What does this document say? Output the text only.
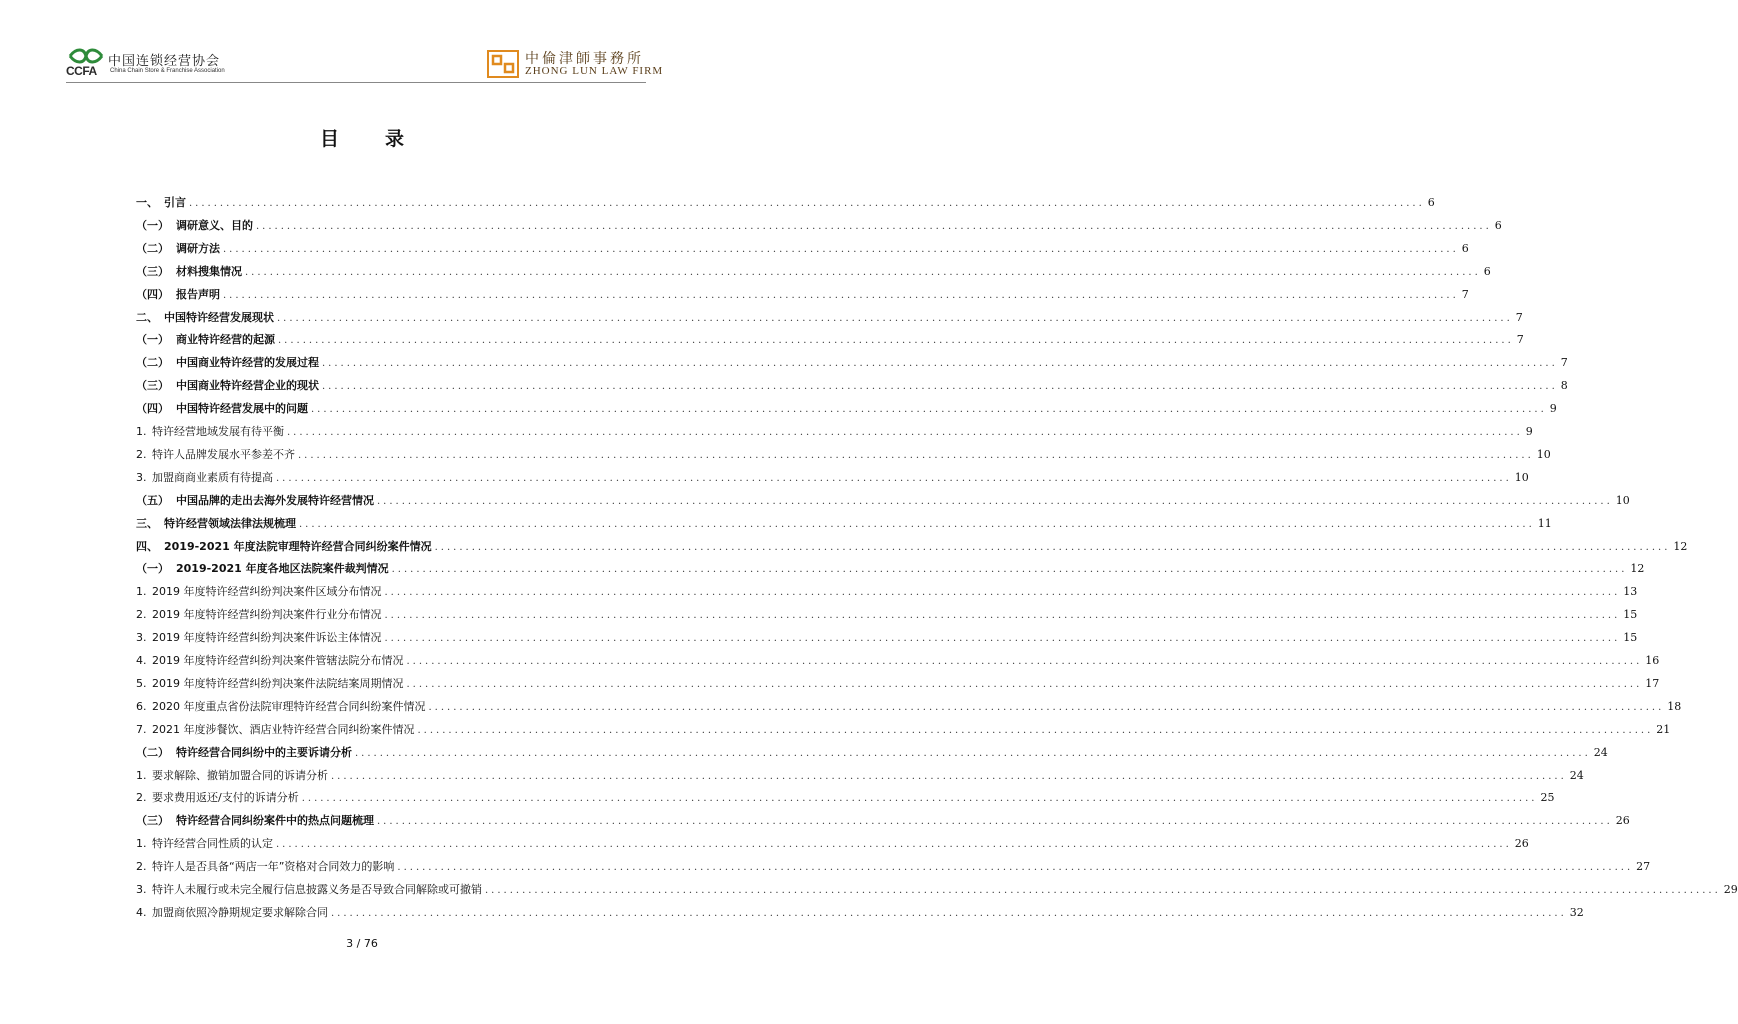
CCFA
中国连锁经营协会
China Chain Store & Franchise Association
中倫津師事務所
ZHONG LUN LAW FIRM
目录
一、 引言 ........................................................................................................................................................................................................ 6
（一） 调研意义、目的 ........................................................................................................................................................................................................ 6
（二） 调研方法 ........................................................................................................................................................................................................ 6
（三） 材料搜集情况 ........................................................................................................................................................................................................ 6
（四） 报告声明 ........................................................................................................................................................................................................ 7
二、 中国特许经营发展现状 ........................................................................................................................................................................................................ 7
（一） 商业特许经营的起源 ........................................................................................................................................................................................................ 7
（二） 中国商业特许经营的发展过程 ........................................................................................................................................................................................................ 7
（三） 中国商业特许经营企业的现状 ........................................................................................................................................................................................................ 8
（四） 中国特许经营发展中的问题 ........................................................................................................................................................................................................ 9
1. 特许经营地域发展有待平衡 ........................................................................................................................................................................................................ 9
2. 特许人品牌发展水平参差不齐 ........................................................................................................................................................................................................ 10
3. 加盟商商业素质有待提高 ........................................................................................................................................................................................................ 10
（五） 中国品牌的走出去海外发展特许经营情况 ........................................................................................................................................................................................................ 10
三、 特许经营领域法律法规梳理 ........................................................................................................................................................................................................ 11
四、 2019-2021 年度法院审理特许经营合同纠纷案件情况 ........................................................................................................................................................................................................ 12
（一） 2019-2021 年度各地区法院案件裁判情况 ........................................................................................................................................................................................................ 12
1. 2019 年度特许经营纠纷判决案件区域分布情况 ........................................................................................................................................................................................................ 13
2. 2019 年度特许经营纠纷判决案件行业分布情况 ........................................................................................................................................................................................................ 15
3. 2019 年度特许经营纠纷判决案件诉讼主体情况 ........................................................................................................................................................................................................ 15
4. 2019 年度特许经营纠纷判决案件管辖法院分布情况 ........................................................................................................................................................................................................ 16
5. 2019 年度特许经营纠纷判决案件法院结案周期情况 ........................................................................................................................................................................................................ 17
6. 2020 年度重点省份法院审理特许经营合同纠纷案件情况 ........................................................................................................................................................................................................ 18
7. 2021 年度涉餐饮、酒店业特许经营合同纠纷案件情况 ........................................................................................................................................................................................................ 21
（二） 特许经营合同纠纷中的主要诉请分析 ........................................................................................................................................................................................................ 24
1. 要求解除、撤销加盟合同的诉请分析 ........................................................................................................................................................................................................ 24
2. 要求费用返还/支付的诉请分析 ........................................................................................................................................................................................................ 25
（三） 特许经营合同纠纷案件中的热点问题梳理 ........................................................................................................................................................................................................ 26
1. 特许经营合同性质的认定 ........................................................................................................................................................................................................ 26
2. 特许人是否具备“两店一年”资格对合同效力的影响 ........................................................................................................................................................................................................ 27
3. 特许人未履行或未完全履行信息披露义务是否导致合同解除或可撤销 ........................................................................................................................................................................................................ 29
4. 加盟商依照冷静期规定要求解除合同 ........................................................................................................................................................................................................ 32
3 / 76
